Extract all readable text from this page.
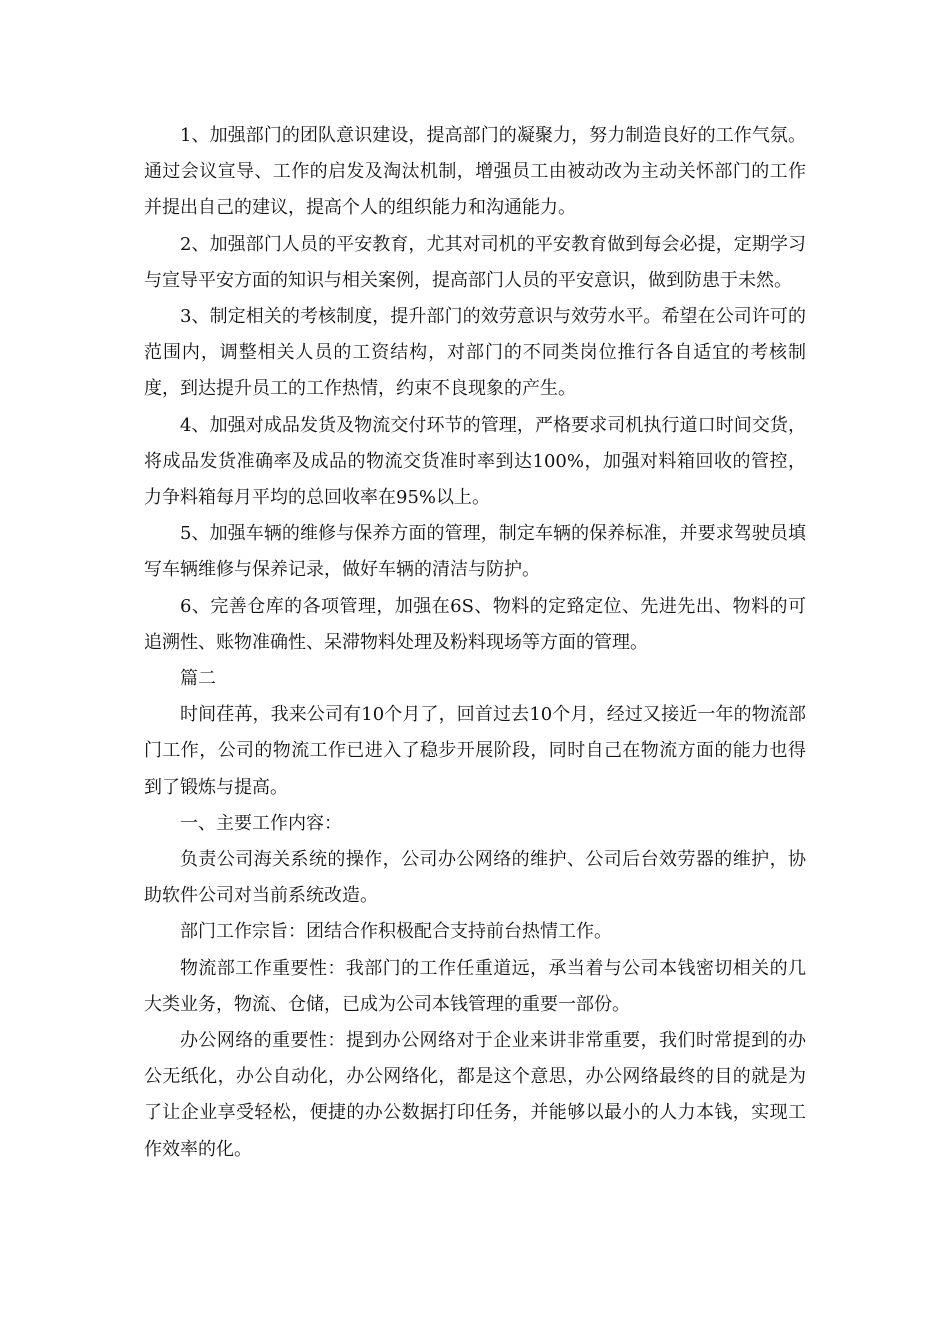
1、加强部门的团队意识建设，提高部门的凝聚力，努力制造良好的工作气氛。通过会议宣导、工作的启发及淘汰机制，增强员工由被动改为主动关怀部门的工作并提出自己的建议，提高个人的组织能力和沟通能力。

2、加强部门人员的平安教育，尤其对司机的平安教育做到每会必提，定期学习与宣导平安方面的知识与相关案例，提高部门人员的平安意识，做到防患于未然。

3、制定相关的考核制度，提升部门的效劳意识与效劳水平。希望在公司许可的范围内，调整相关人员的工资结构，对部门的不同类岗位推行各自适宜的考核制度，到达提升员工的工作热情，约束不良现象的产生。

4、加强对成品发货及物流交付环节的管理，严格要求司机执行道口时间交货，将成品发货准确率及成品的物流交货准时率到达100%，加强对料箱回收的管控，力争料箱每月平均的总回收率在95%以上。

5、加强车辆的维修与保养方面的管理，制定车辆的保养标准，并要求驾驶员填写车辆维修与保养记录，做好车辆的清洁与防护。

6、完善仓库的各项管理，加强在6S、物料的定臵定位、先进先出、物料的可追溯性、账物准确性、呆滞物料处理及粉料现场等方面的管理。

篇二

时间荏苒，我来公司有10个月了，回首过去10个月，经过又接近一年的物流部门工作，公司的物流工作已进入了稳步开展阶段，同时自己在物流方面的能力也得到了锻炼与提高。

一、主要工作内容：

负责公司海关系统的操作，公司办公网络的维护、公司后台效劳器的维护，协助软件公司对当前系统改造。

部门工作宗旨：团结合作积极配合支持前台热情工作。

物流部工作重要性：我部门的工作任重道远，承当着与公司本钱密切相关的几大类业务，物流、仓储，已成为公司本钱管理的重要一部份。

办公网络的重要性：提到办公网络对于企业来讲非常重要，我们时常提到的办公无纸化，办公自动化，办公网络化，都是这个意思，办公网络最终的目的就是为了让企业享受轻松，便捷的办公数据打印任务，并能够以最小的人力本钱，实现工作效率的化。
